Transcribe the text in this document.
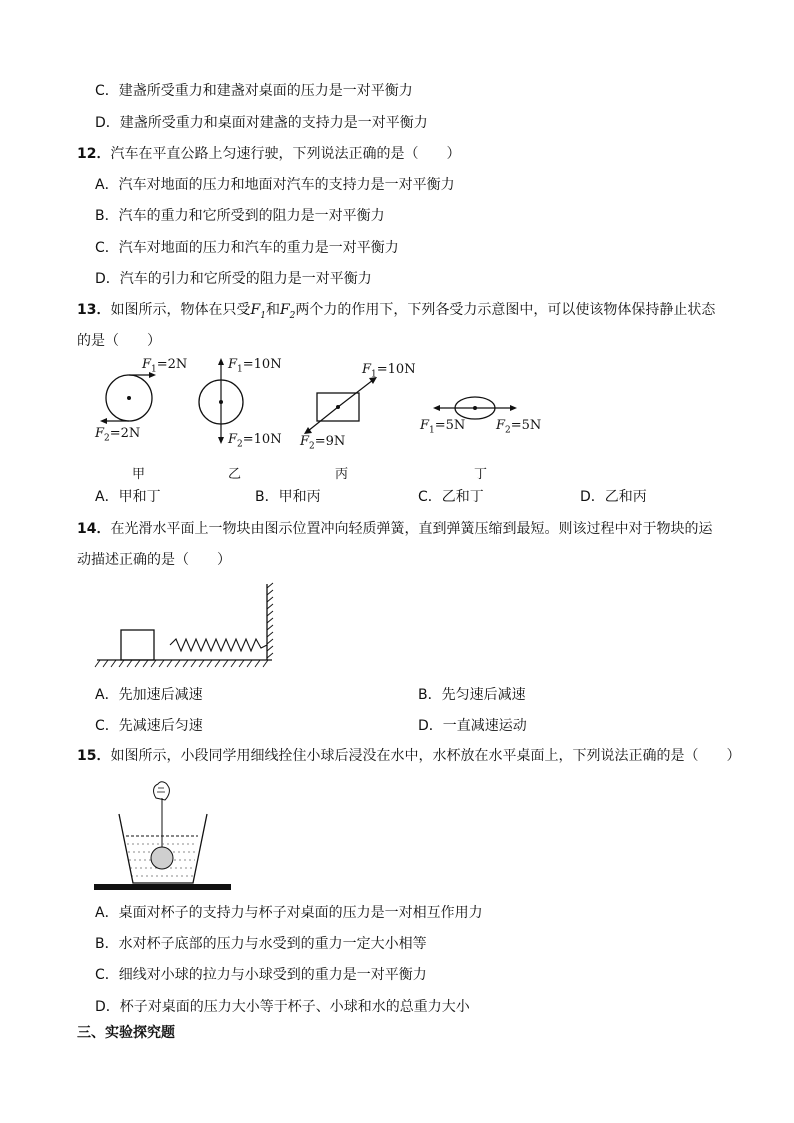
C．建盏所受重力和建盏对桌面的压力是一对平衡力
D．建盏所受重力和桌面对建盏的支持力是一对平衡力
12．汽车在平直公路上匀速行驶，下列说法正确的是（　　）
A．汽车对地面的压力和地面对汽车的支持力是一对平衡力
B．汽车的重力和它所受到的阻力是一对平衡力
C．汽车对地面的压力和汽车的重力是一对平衡力
D．汽车的引力和它所受的阻力是一对平衡力
13．如图所示，物体在只受$F_1$和$F_2$两个力的作用下，下列各受力示意图中，可以使该物体保持静止状态
的是（　　）
$F_1=2N$
$F_2=2N$
甲
$F_1=10N$
$F_2=10N$
乙
$F_1=10N$
$F_2=9N$
丙
$F_1=5N$ $F_2=5N$
丁
A．甲和丁	B．甲和丙	C．乙和丁	D．乙和丙
14．在光滑水平面上一物块由图示位置冲向轻质弹簧，直到弹簧压缩到最短。则该过程中对于物块的运
动描述正确的是（　　）
A．先加速后减速	B．先匀速后减速
C．先减速后匀速	D．一直减速运动
15．如图所示，小段同学用细线拴住小球后浸没在水中，水杯放在水平桌面上，下列说法正确的是（　　）
A．桌面对杯子的支持力与杯子对桌面的压力是一对相互作用力
B．水对杯子底部的压力与水受到的重力一定大小相等
C．细线对小球的拉力与小球受到的重力是一对平衡力
D．杯子对桌面的压力大小等于杯子、小球和水的总重力大小
三、实验探究题
